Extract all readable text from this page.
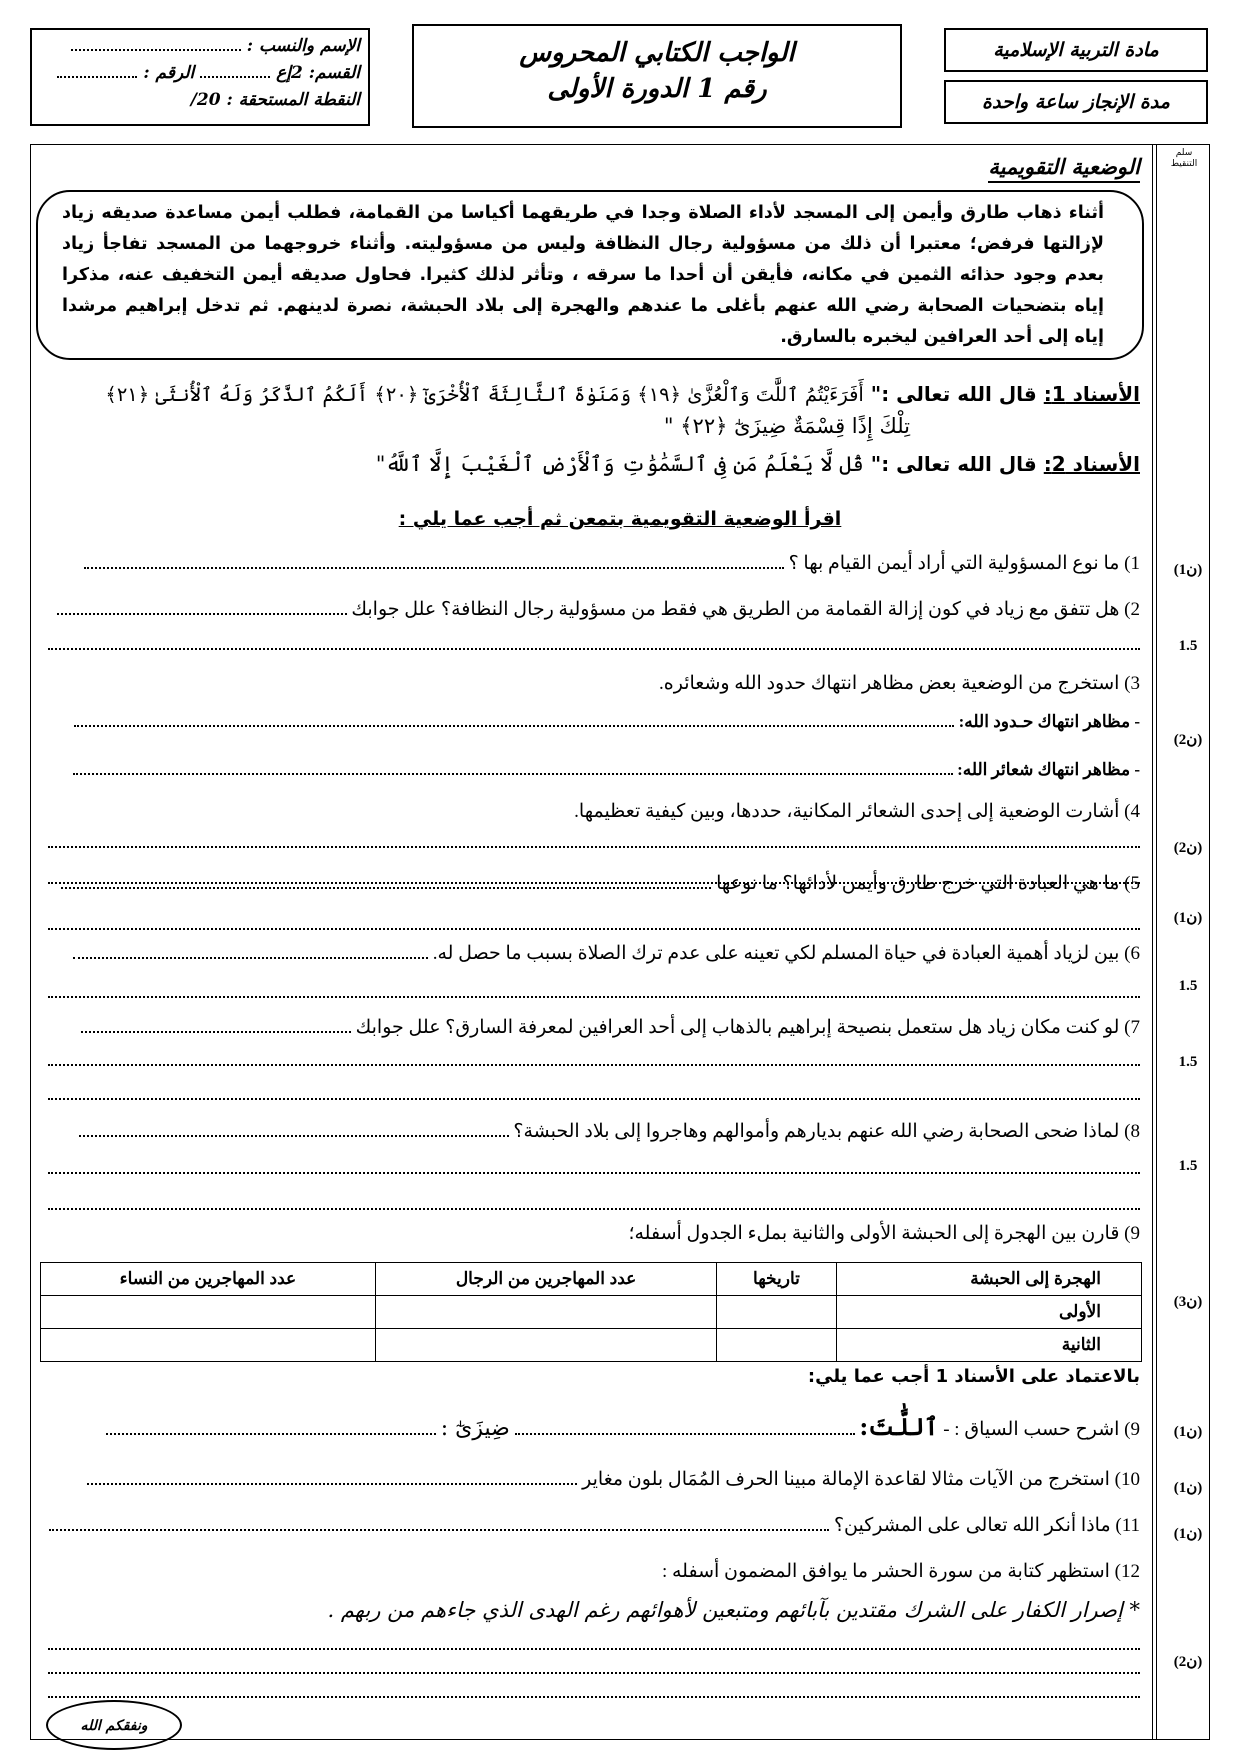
الإسم والنسب :
القسم: 2إع  الرقم :
النقطة المستحقة : 20/
الواجب الكتابي المحروس
رقم 1 الدورة الأولى
مادة التربية الإسلامية
مدة الإنجاز ساعة واحدة
سلم التنقيط
الوضعية التقويمية
أثناء ذهاب طارق وأيمن إلى المسجد لأداء الصلاة وجدا في طريقهما أكياسا من القمامة، فطلب أيمن مساعدة صديقه زياد لإزالتها فرفض؛ معتبرا أن ذلك من مسؤولية رجال النظافة وليس من مسؤوليته. وأثناء خروجهما من المسجد تفاجأ زياد بعدم وجود حذائه الثمين في مكانه، فأيقن أن أحدا ما سرقه ، وتأثر لذلك كثيرا. فحاول صديقه أيمن التخفيف عنه، مذكرا إياه بتضحيات الصحابة رضي الله عنهم بأغلى ما عندهم والهجرة إلى بلاد الحبشة، نصرة لدينهم. ثم تدخل إبراهيم مرشدا إياه إلى أحد العرافين ليخبره بالسارق.
الأسناد 1: قال الله تعالى :" أَفَرَءَيْتُمُ ٱللَّٰتَ وَٱلْعُزَّىٰ ﴿١٩﴾ وَمَنَوٰةَ ٱلثَّالِثَةَ ٱلْأُخْرَىٰٓ ﴿٢٠﴾ أَلَكُمُ ٱلذَّكَرُ وَلَهُ ٱلْأُنثَىٰ ﴿٢١﴾
تِلْكَ إِذًا قِسْمَةٌ ضِيزَىٰٓ ﴿٢٢﴾ "
الأسناد 2: قال الله تعالى :" قُل لَّا يَعْلَمُ مَن فِى ٱلسَّمَٰوَٰتِ وَٱلْأَرْضِ ٱلْغَيْبَ إِلَّا ٱللَّهُ"
اقرأ الوضعية التقويمية بتمعن ثم أجب عما يلي :
1) ما نوع المسؤولية التي أراد أيمن القيام بها ؟	(1ن)
2) هل تتفق مع زياد في كون إزالة القمامة من الطريق هي فقط من مسؤولية رجال النظافة؟ علل جوابك
1.5
3) استخرج من الوضعية بعض مظاهر انتهاك حدود الله وشعائره.
- مظاهر انتهاك حـدود الله:
- مظاهر انتهاك شعائر الله:
(2ن)
4) أشارت الوضعية إلى إحدى الشعائر المكانية، حددها، وبين كيفية تعظيمها.
(2ن)
5) ما هي العبادة التي خرج طارق وأيمن لأدائها؟ ما نوعها
(1ن)
6) بين لزياد أهمية العبادة في حياة المسلم لكي تعينه على عدم ترك الصلاة بسبب ما حصل له.
1.5
7) لو كنت مكان زياد هل ستعمل بنصيحة إبراهيم بالذهاب إلى أحد العرافين لمعرفة السارق؟ علل جوابك
1.5
8) لماذا ضحى الصحابة رضي الله عنهم بديارهم وأموالهم وهاجروا إلى بلاد الحبشة؟
1.5
9) قارن بين الهجرة إلى الحبشة الأولى والثانية بملء الجدول أسفله؛
(3ن)
الهجرة إلى الحبشة	تاريخها	عدد المهاجرين من الرجال	عدد المهاجرين من النساء
الأولى			
الثانية			
بالاعتماد على الأسناد 1 أجب عما يلي:
9) اشرح حسب السياق : - ٱللَّٰتَ:  ضِيزَىٰٓ :	(1ن)
10) استخرج من الآيات مثالا لقاعدة الإمالة مبينا الحرف المُمَال بلون مغاير	(1ن)
11) ماذا أنكر الله تعالى على المشركين؟	(1ن)
12) استظهر كتابة من سورة الحشر ما يوافق المضمون أسفله :
* إصرار الكفار على الشرك مقتدين بآبائهم ومتبعين لأهوائهم رغم الهدى الذي جاءهم من ربهم .
(2ن)
ونفقكم الله
